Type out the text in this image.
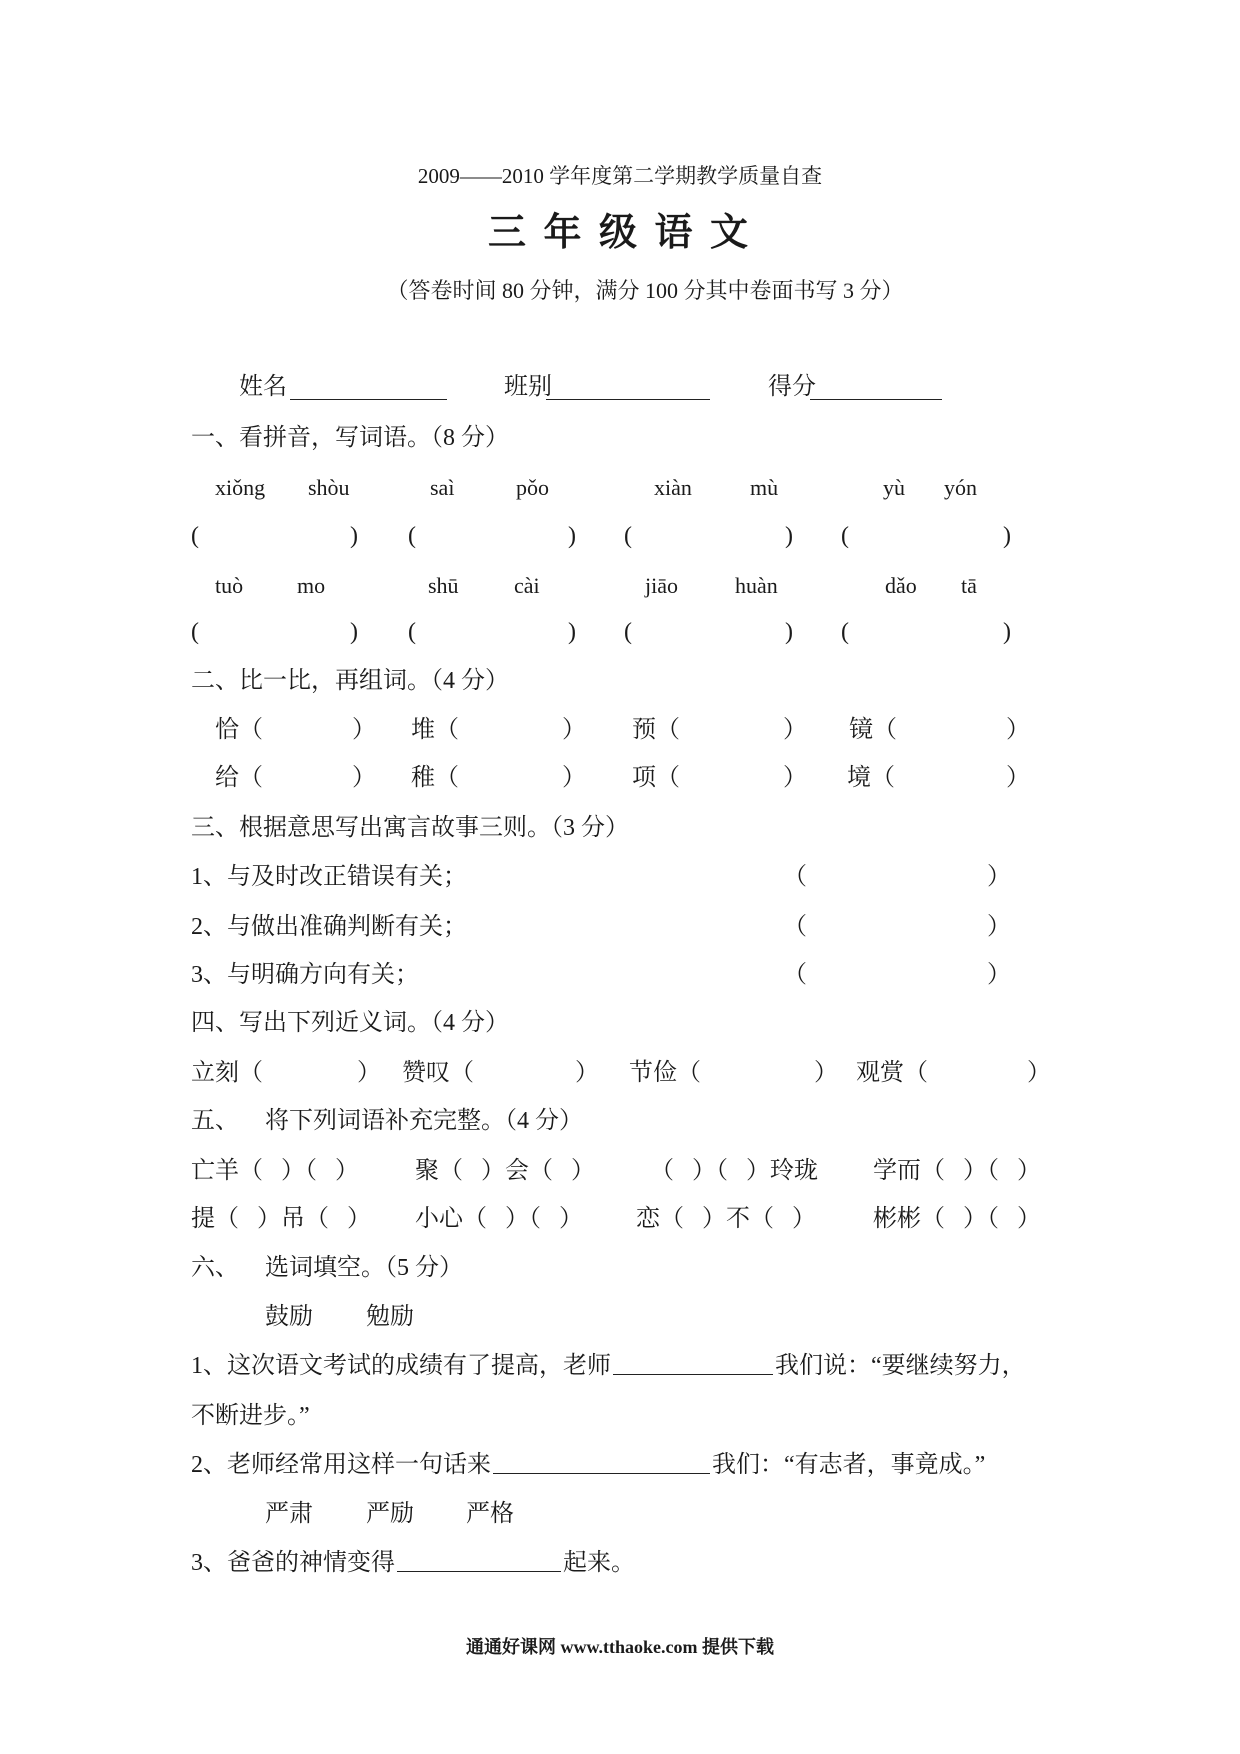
2009——2010 学年度第二学期教学质量自查
三 年 级 语 文
（答卷时间 80 分钟，满分 100 分其中卷面书写 3 分）
姓名	班别	得分
一、看拼音，写词语。（8 分）
xiǒng shòu	saì	pǒo	xiàn	mù	yù yón
(	) (	) (	) (	)
tuò mo	shū	cài	jiāo	huàn	dǎo tā
(	) (	) (	) (	)
二、比一比，再组词。（4 分）
恰（	） 堆（	） 预（	） 镜（	）
给（	） 稚（	） 项（	） 境（	）
三、根据意思写出寓言故事三则。（3 分）
1、与及时改正错误有关；	（	）
2、与做出准确判断有关；	（	）
3、与明确方向有关；	（	）
四、写出下列近义词。（4 分）
立刻（	） 赞叹（	） 节俭（	） 观赏（	）
五、 将下列词语补充完整。（4 分）
亡羊（ ）（ ） 聚（ ）会（ ） （ ）（ ）玲珑 学而（ ）（ ）
提（ ）吊（ ） 小心（ ）（ ） 恋（ ）不（ ） 彬彬（ ）（ ）
六、 选词填空。（5 分）
鼓励 勉励
1、这次语文考试的成绩有了提高，老师	我们说：“要继续努力，
不断进步。”
2、老师经常用这样一句话来	我们：“有志者，事竟成。”
严肃 严励 严格
3、爸爸的神情变得	起来。
通通好课网 www.tthaoke.com 提供下载
